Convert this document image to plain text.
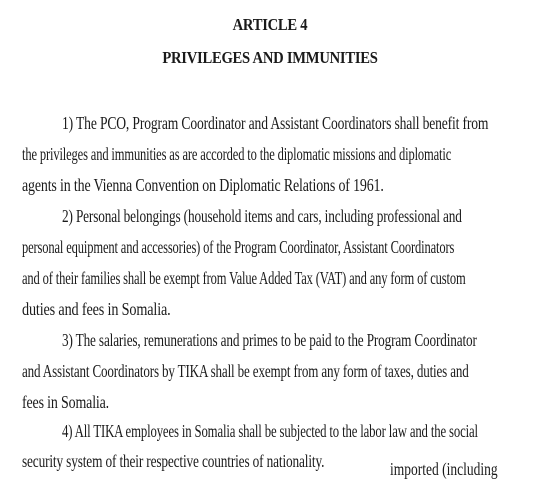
ARTICLE 4
PRIVILEGES AND IMMUNITIES
1) The PCO, Program Coordinator and Assistant Coordinators shall benefit from
the privileges and immunities as are accorded to the diplomatic missions and diplomatic
agents in the Vienna Convention on Diplomatic Relations of 1961.
2) Personal belongings (household items and cars, including professional and
personal equipment and accessories) of the Program Coordinator, Assistant Coordinators
and of their families shall be exempt from Value Added Tax (VAT) and any form of custom
duties and fees in Somalia.
3) The salaries, remunerations and primes to be paid to the Program Coordinator
and Assistant Coordinators by TIKA shall be exempt from any form of taxes, duties and
fees in Somalia.
4) All TIKA employees in Somalia shall be subjected to the labor law and the social
security system of their respective countries of nationality.	imported (including
